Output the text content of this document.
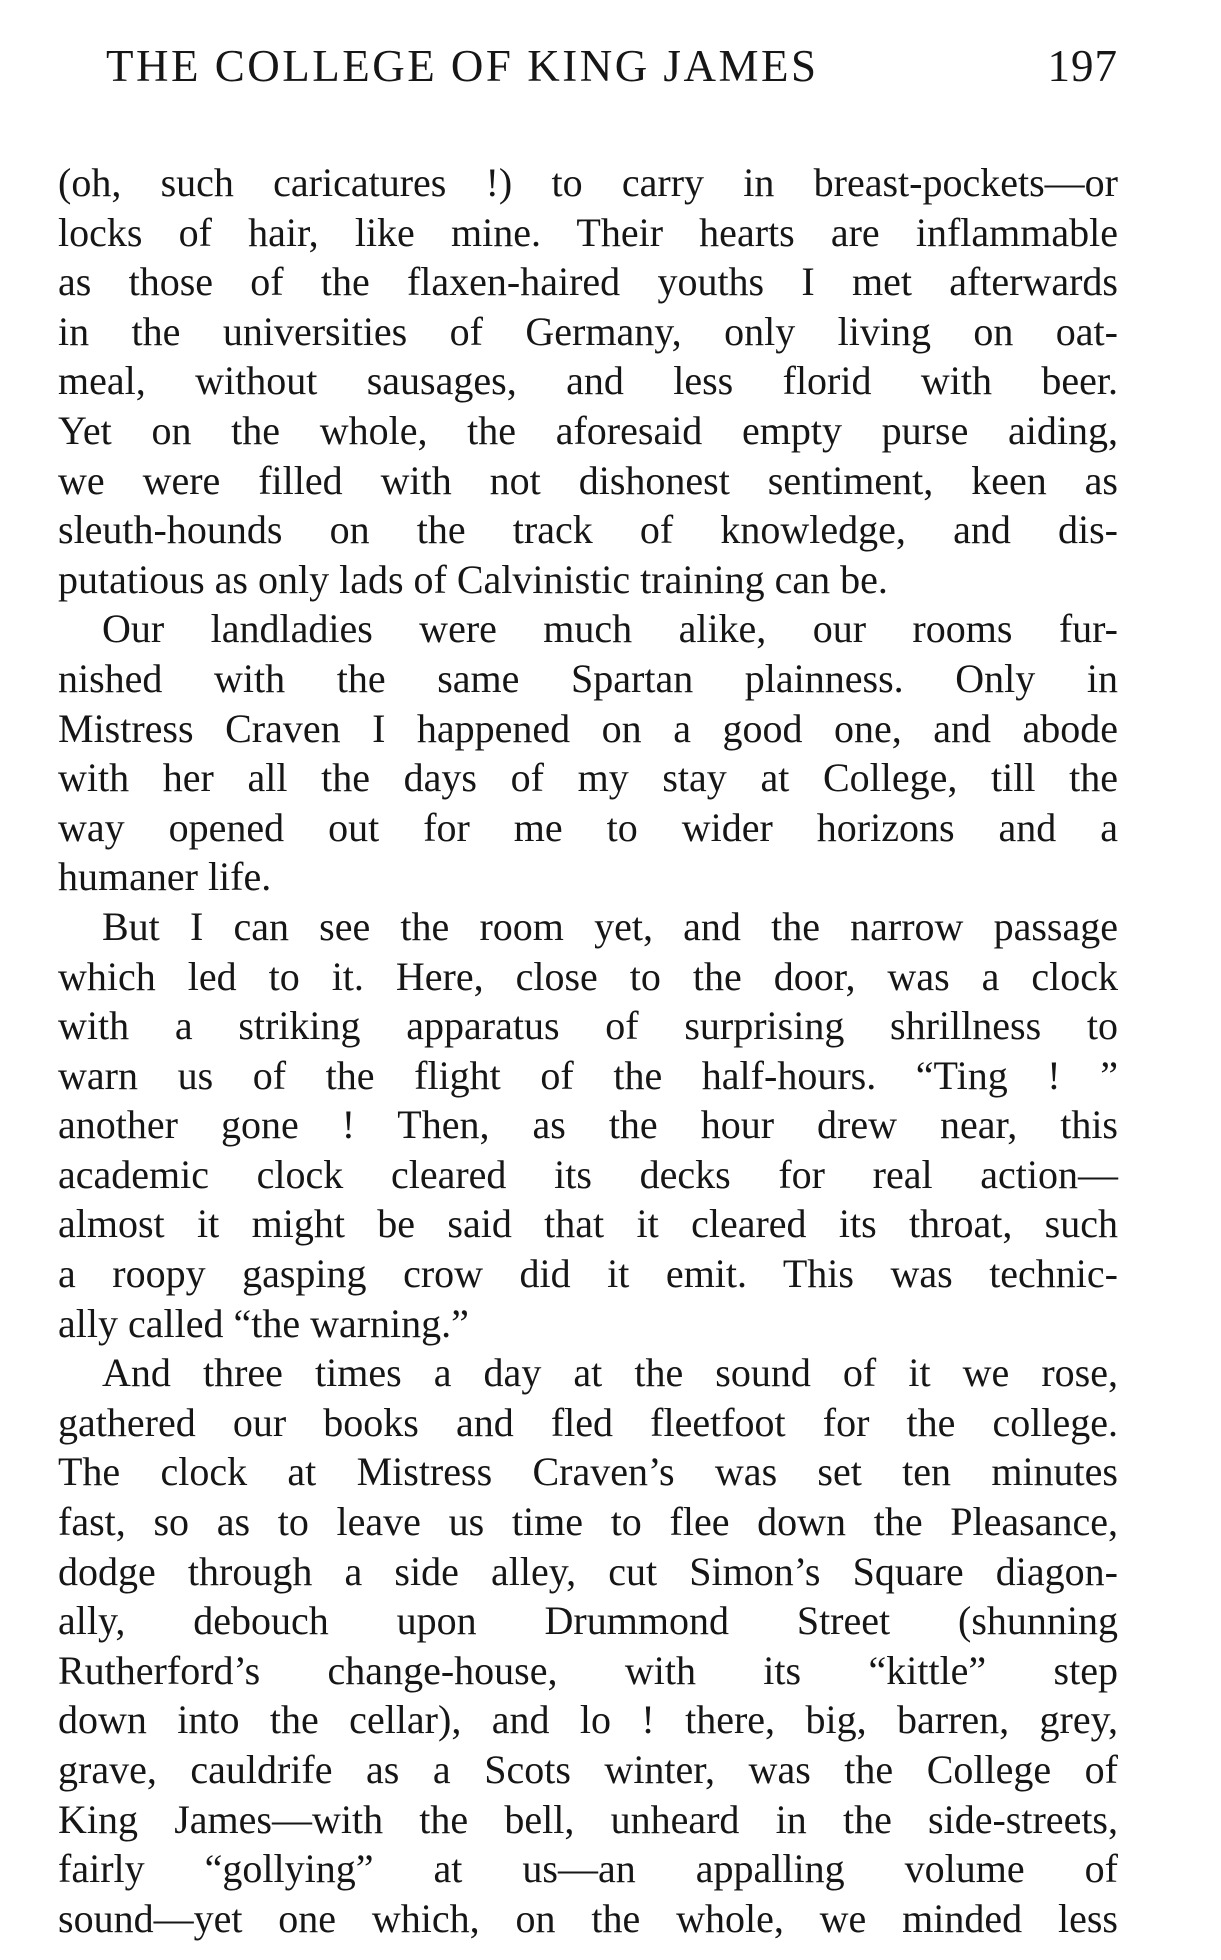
THE COLLEGE OF KING JAMES	197
(oh, such caricatures !) to carry in breast-pockets—or
locks of hair, like mine. Their hearts are inflammable
as those of the flaxen-haired youths I met afterwards
in the universities of Germany, only living on oat-
meal, without sausages, and less florid with beer.
Yet on the whole, the aforesaid empty purse aiding,
we were filled with not dishonest sentiment, keen as
sleuth-hounds on the track of knowledge, and dis-
putatious as only lads of Calvinistic training can be.
Our landladies were much alike, our rooms fur-
nished with the same Spartan plainness. Only in
Mistress Craven I happened on a good one, and abode
with her all the days of my stay at College, till the
way opened out for me to wider horizons and a
humaner life.
But I can see the room yet, and the narrow passage
which led to it. Here, close to the door, was a clock
with a striking apparatus of surprising shrillness to
warn us of the flight of the half-hours. “Ting ! ”
another gone ! Then, as the hour drew near, this
academic clock cleared its decks for real action—
almost it might be said that it cleared its throat, such
a roopy gasping crow did it emit. This was technic-
ally called “the warning.”
And three times a day at the sound of it we rose,
gathered our books and fled fleetfoot for the college.
The clock at Mistress Craven’s was set ten minutes
fast, so as to leave us time to flee down the Pleasance,
dodge through a side alley, cut Simon’s Square diagon-
ally, debouch upon Drummond Street (shunning
Rutherford’s change-house, with its “kittle” step
down into the cellar), and lo ! there, big, barren, grey,
grave, cauldrife as a Scots winter, was the College of
King James—with the bell, unheard in the side-streets,
fairly “gollying” at us—an appalling volume of
sound—yet one which, on the whole, we minded less
